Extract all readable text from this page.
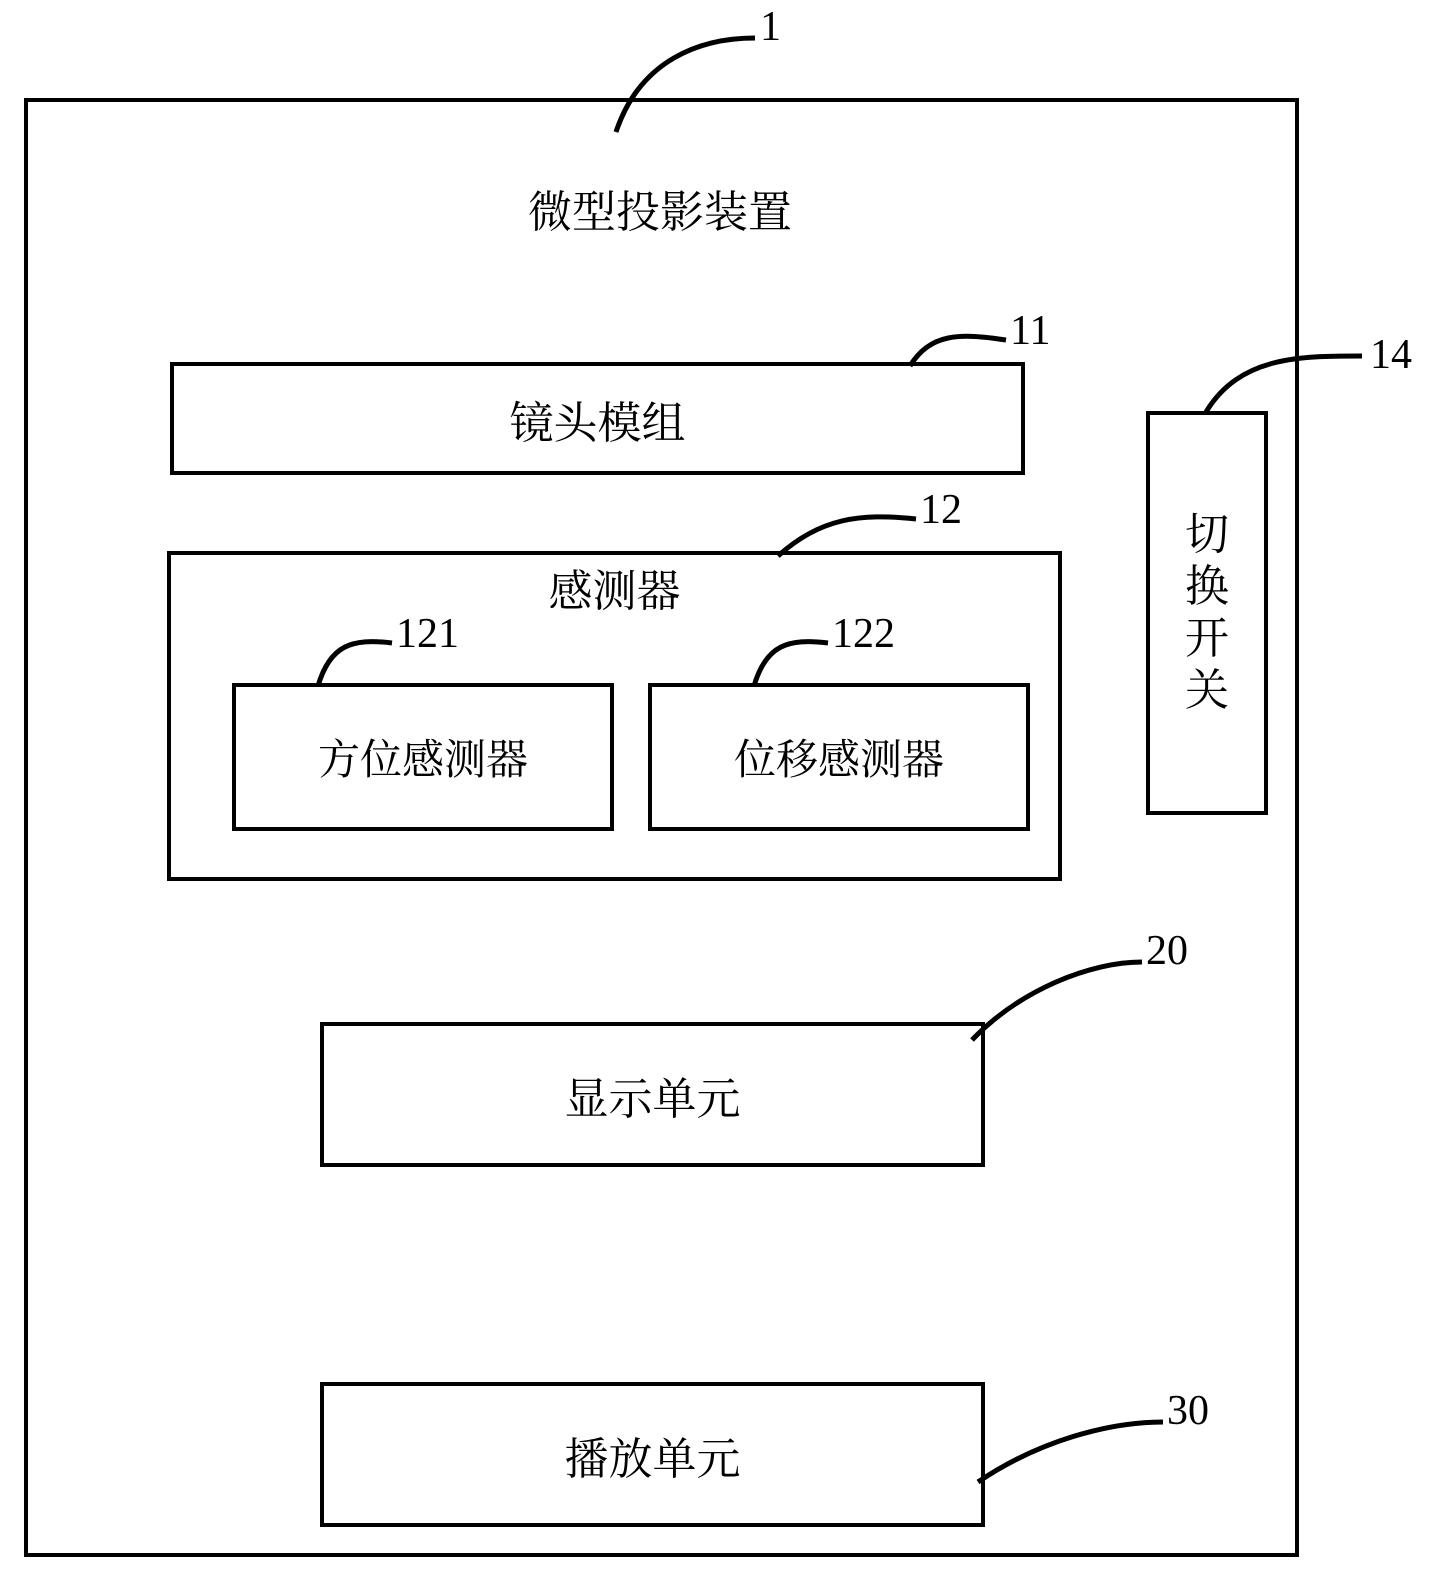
微型投影装置
镜头模组
感测器
方位感测器	位移感测器
切
换
开
关
显示单元
播放单元
1
11
14
12
121	122
20
30
